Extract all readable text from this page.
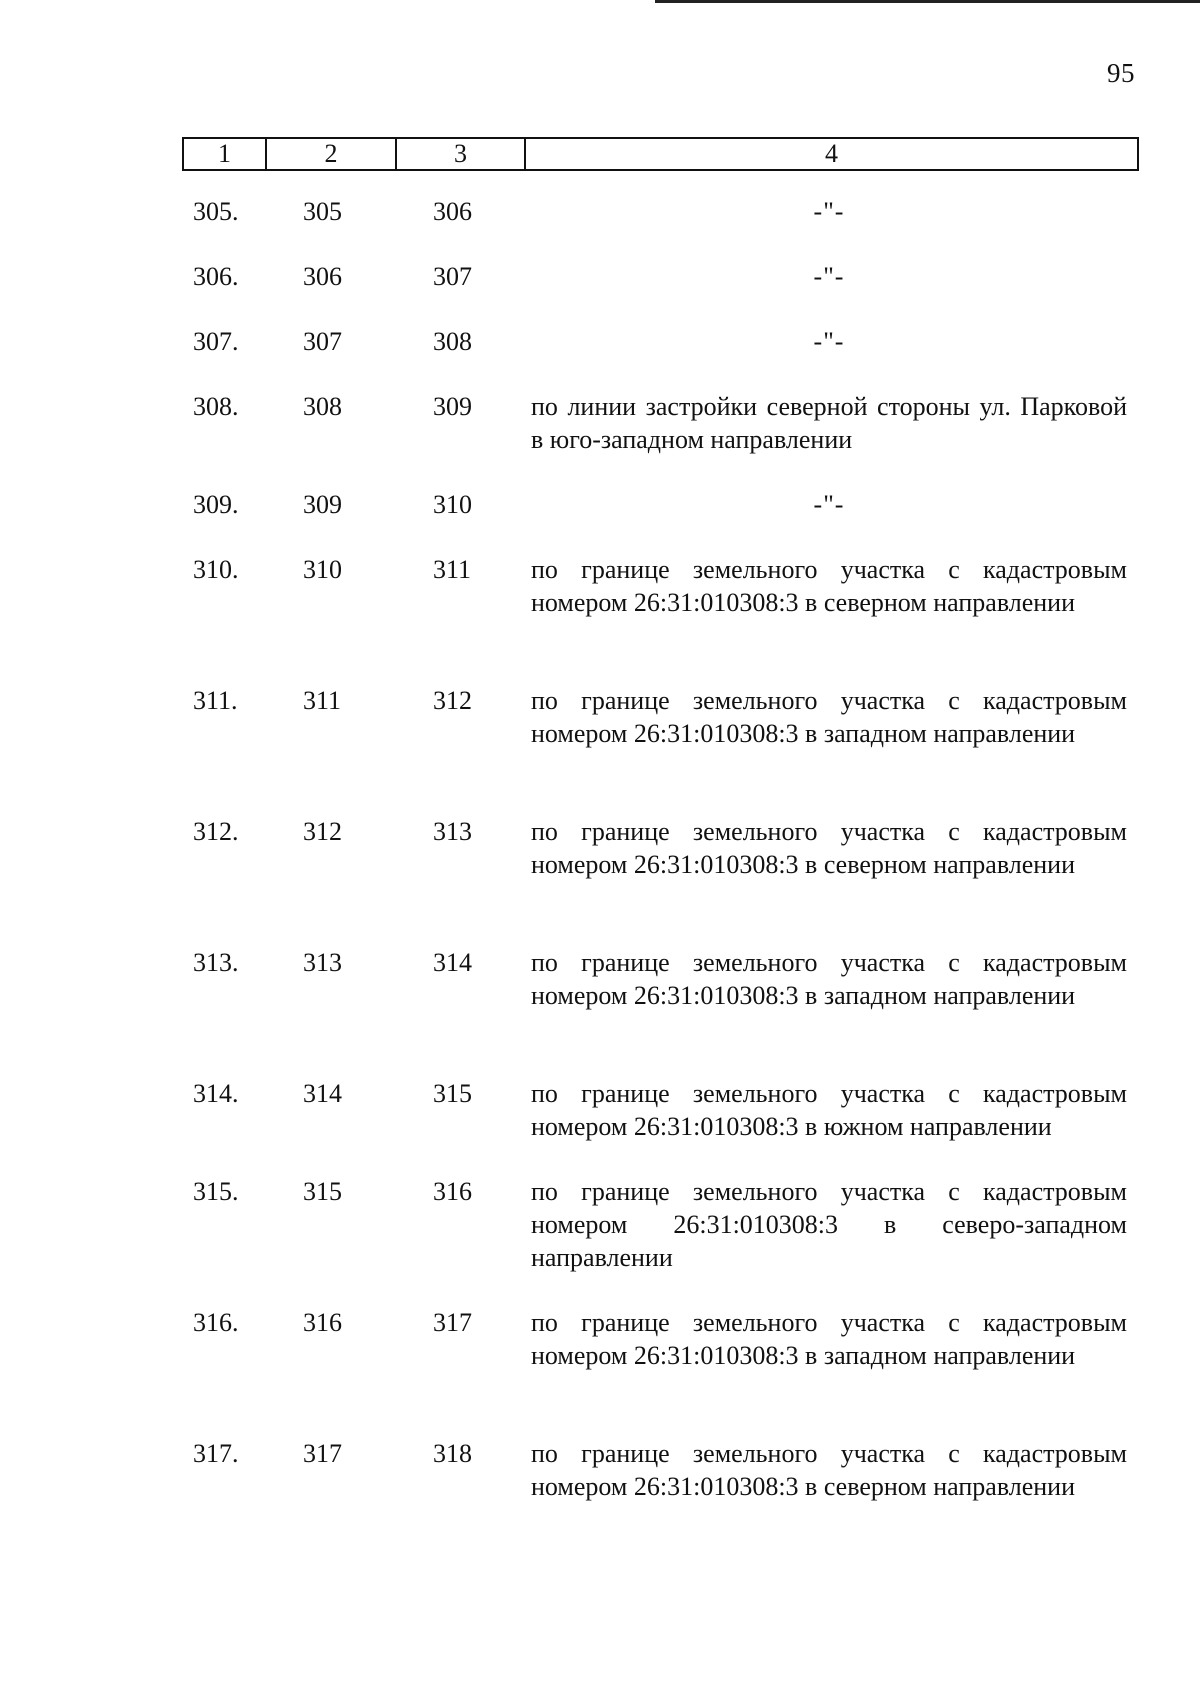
95
1	2	3	4
305.	305	306	-"-
306.	306	307	-"-
307.	307	308	-"-
308.	308	309	по линии застройки северной стороны ул. Парковой в юго-западном направлении
309.	309	310	-"-
310.	310	311	по границе земельного участка с кадастровым номером 26:31:010308:3 в северном направлении
311.	311	312	по границе земельного участка с кадастровым номером 26:31:010308:3 в западном направлении
312.	312	313	по границе земельного участка с кадастровым номером 26:31:010308:3 в северном направлении
313.	313	314	по границе земельного участка с кадастровым номером 26:31:010308:3 в западном направлении
314.	314	315	по границе земельного участка с кадастровым номером 26:31:010308:3 в южном направлении
315.	315	316	по границе земельного участка с кадастровым номером 26:31:010308:3 в северо-западном направлении
316.	316	317	по границе земельного участка с кадастровым номером 26:31:010308:3 в западном направлении
317.	317	318	по границе земельного участка с кадастровым номером 26:31:010308:3 в северном направлении
